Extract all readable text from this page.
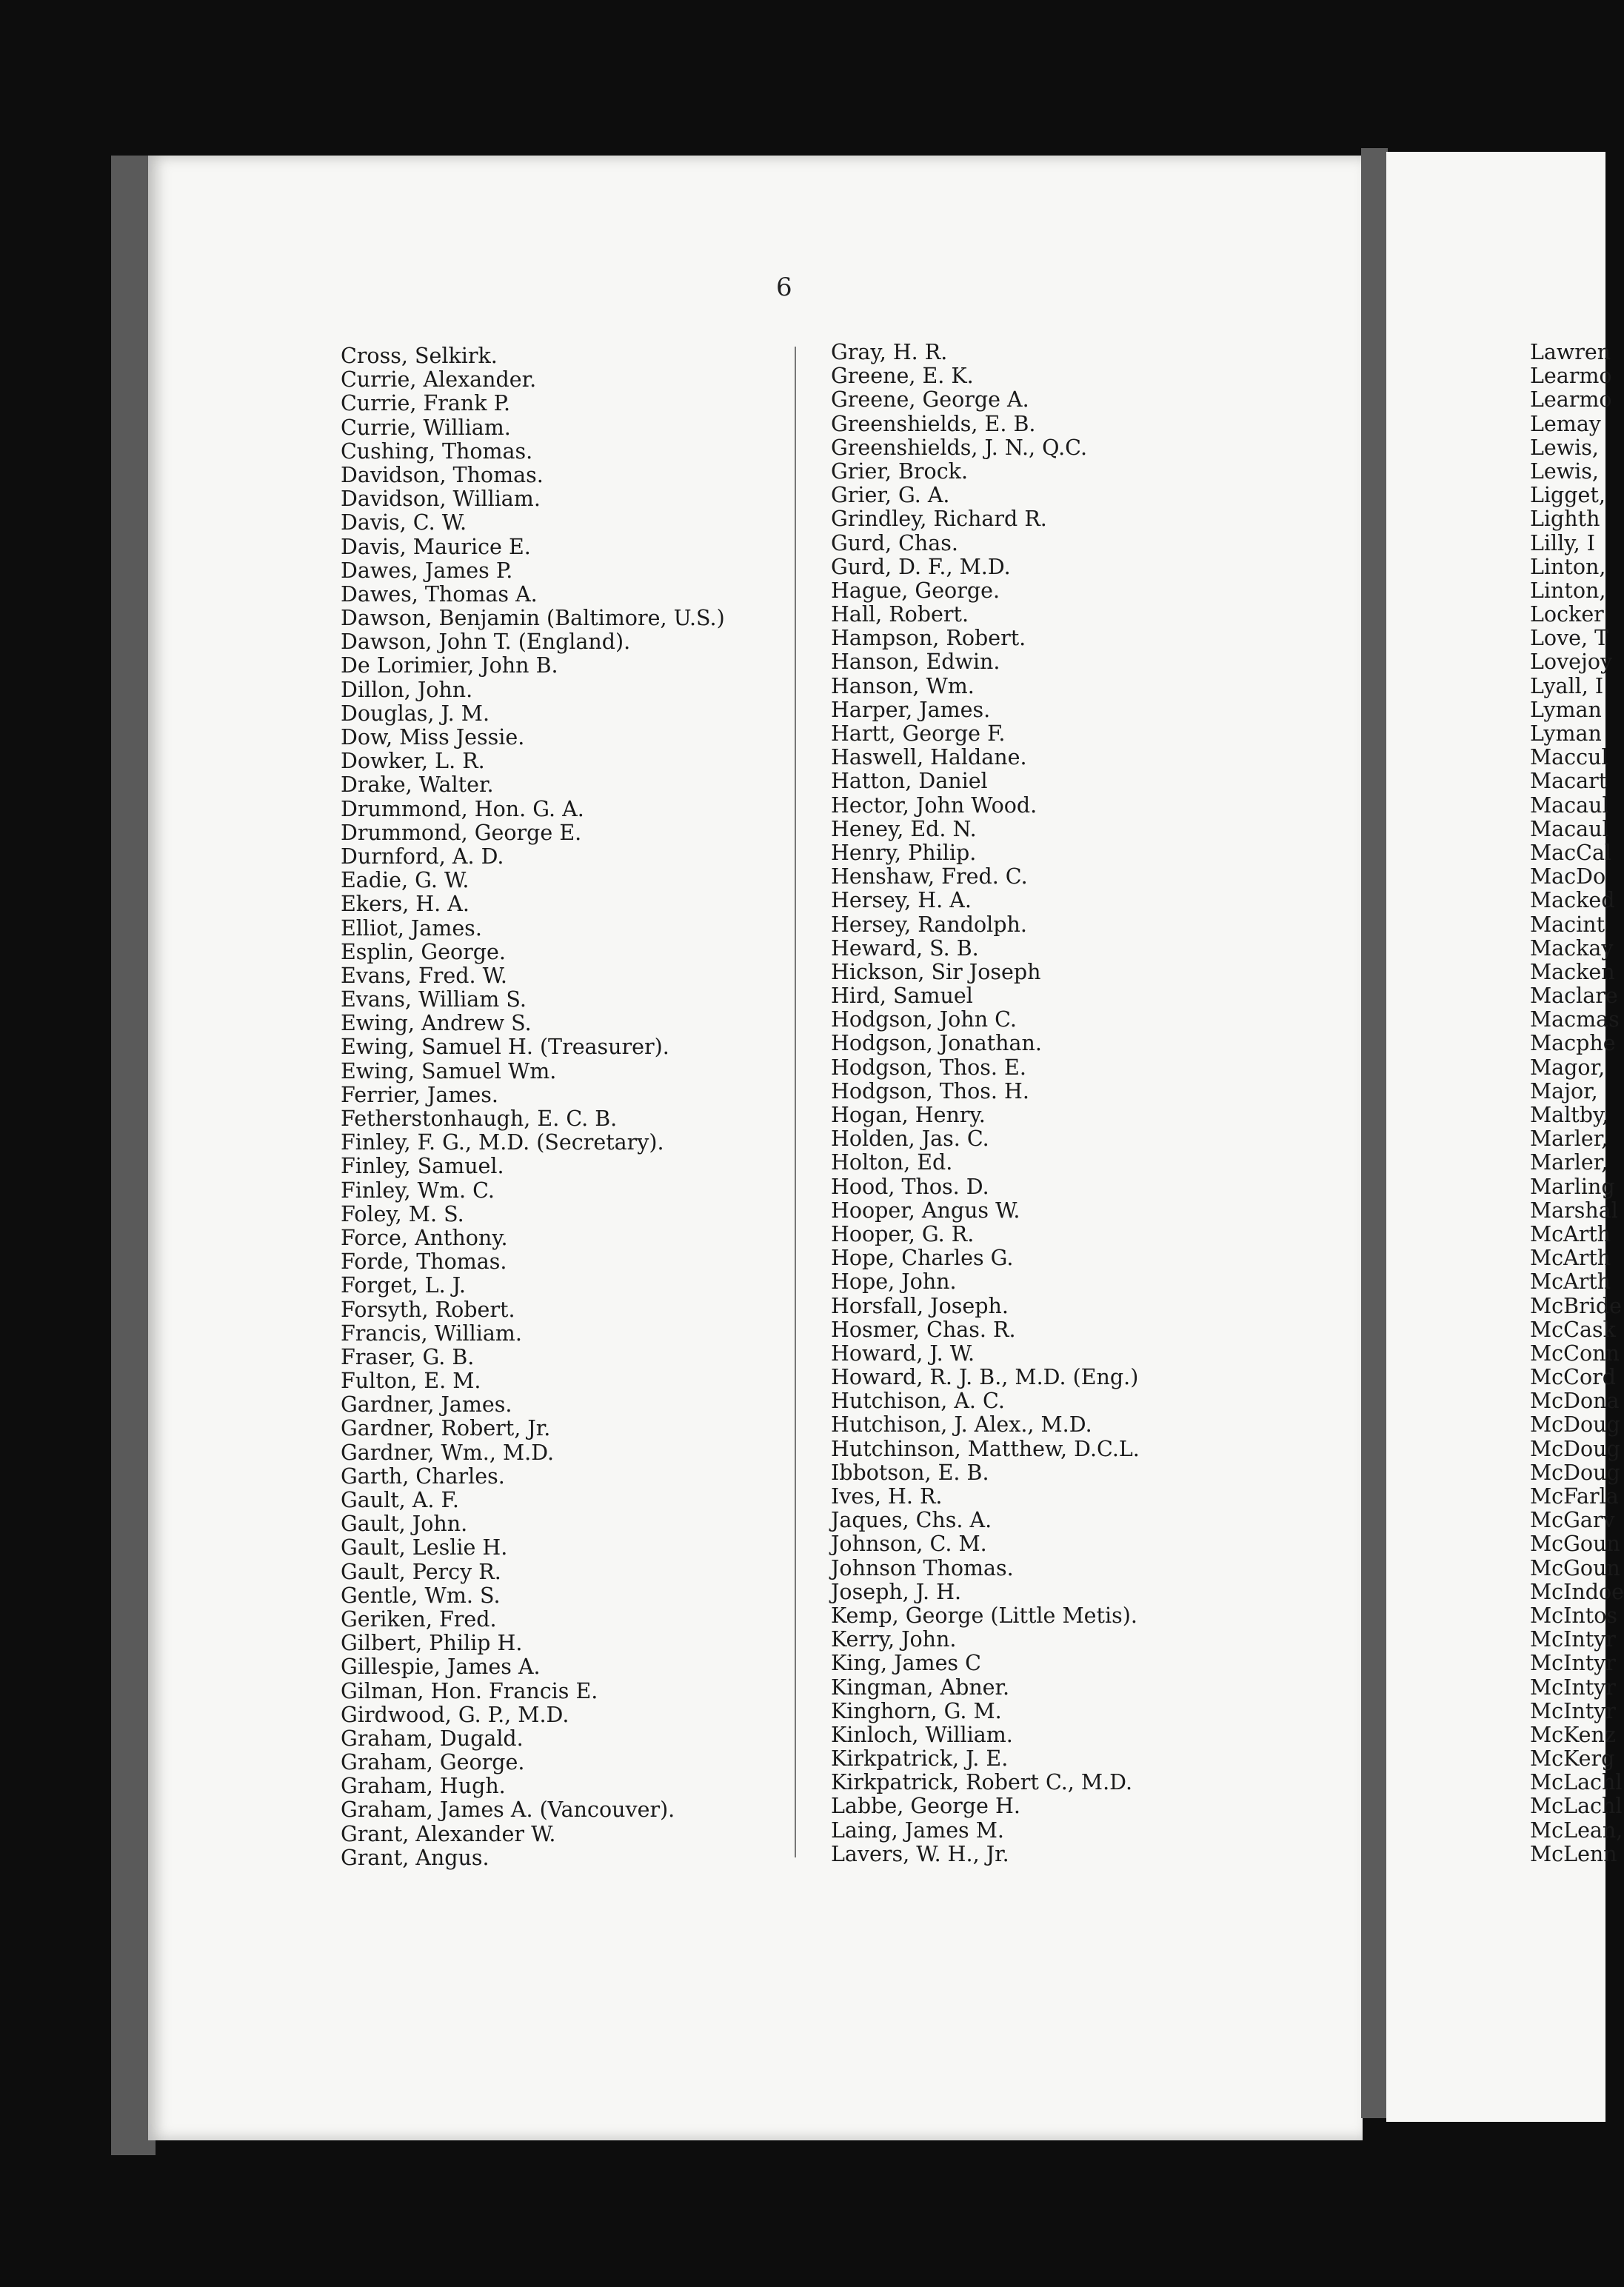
6
Cross, Selkirk.
Currie, Alexander.
Currie, Frank P.
Currie, William.
Cushing, Thomas.
Davidson, Thomas.
Davidson, William.
Davis, C. W.
Davis, Maurice E.
Dawes, James P.
Dawes, Thomas A.
Dawson, Benjamin (Baltimore, U.S.)
Dawson, John T. (England).
De Lorimier, John B.
Dillon, John.
Douglas, J. M.
Dow, Miss Jessie.
Dowker, L. R.
Drake, Walter.
Drummond, Hon. G. A.
Drummond, George E.
Durnford, A. D.
Eadie, G. W.
Ekers, H. A.
Elliot, James.
Esplin, George.
Evans, Fred. W.
Evans, William S.
Ewing, Andrew S.
Ewing, Samuel H. (Treasurer).
Ewing, Samuel Wm.
Ferrier, James.
Fetherstonhaugh, E. C. B.
Finley, F. G., M.D. (Secretary).
Finley, Samuel.
Finley, Wm. C.
Foley, M. S.
Force, Anthony.
Forde, Thomas.
Forget, L. J.
Forsyth, Robert.
Francis, William.
Fraser, G. B.
Fulton, E. M.
Gardner, James.
Gardner, Robert, Jr.
Gardner, Wm., M.D.
Garth, Charles.
Gault, A. F.
Gault, John.
Gault, Leslie H.
Gault, Percy R.
Gentle, Wm. S.
Geriken, Fred.
Gilbert, Philip H.
Gillespie, James A.
Gilman, Hon. Francis E.
Girdwood, G. P., M.D.
Graham, Dugald.
Graham, George.
Graham, Hugh.
Graham, James A. (Vancouver).
Grant, Alexander W.
Grant, Angus.
Gray, H. R.
Greene, E. K.
Greene, George A.
Greenshields, E. B.
Greenshields, J. N., Q.C.
Grier, Brock.
Grier, G. A.
Grindley, Richard R.
Gurd, Chas.
Gurd, D. F., M.D.
Hague, George.
Hall, Robert.
Hampson, Robert.
Hanson, Edwin.
Hanson, Wm.
Harper, James.
Hartt, George F.
Haswell, Haldane.
Hatton, Daniel
Hector, John Wood.
Heney, Ed. N.
Henry, Philip.
Henshaw, Fred. C.
Hersey, H. A.
Hersey, Randolph.
Heward, S. B.
Hickson, Sir Joseph
Hird, Samuel
Hodgson, John C.
Hodgson, Jonathan.
Hodgson, Thos. E.
Hodgson, Thos. H.
Hogan, Henry.
Holden, Jas. C.
Holton, Ed.
Hood, Thos. D.
Hooper, Angus W.
Hooper, G. R.
Hope, Charles G.
Hope, John.
Horsfall, Joseph.
Hosmer, Chas. R.
Howard, J. W.
Howard, R. J. B., M.D. (Eng.)
Hutchison, A. C.
Hutchison, J. Alex., M.D.
Hutchinson, Matthew, D.C.L.
Ibbotson, E. B.
Ives, H. R.
Jaques, Chs. A.
Johnson, C. M.
Johnson Thomas.
Joseph, J. H.
Kemp, George (Little Metis).
Kerry, John.
King, James C
Kingman, Abner.
Kinghorn, G. M.
Kinloch, William.
Kirkpatrick, J. E.
Kirkpatrick, Robert C., M.D.
Labbe, George H.
Laing, James M.
Lavers, W. H., Jr.
Lawren
Learmo
Learmo
Lemay
Lewis,
Lewis,
Ligget,
Lighth
Lilly, I
Linton,
Linton,
Locker
Love, T
Lovejoy
Lyall, I
Lyman
Lyman
Maccul
Macart
Macaul
Macaul
MacCal
MacDo
Macked
Macint
Mackay
Macken
Maclare
Macmas
Macphe
Magor,
Major,
Maltby,
Marler,
Marler,
Marling
Marshal
McArth
McArth
McArth
McBride
McCask
McConn
McCord
McDona
McDoug
McDoug
McDoug
McFarla
McGarv
McGoun
McGoun
McIndoe
McIntos
McIntyr
McIntyr
McIntyr
McIntyr
McKenz
McKerg
McLachl
McLachl
McLean,
McLenn
